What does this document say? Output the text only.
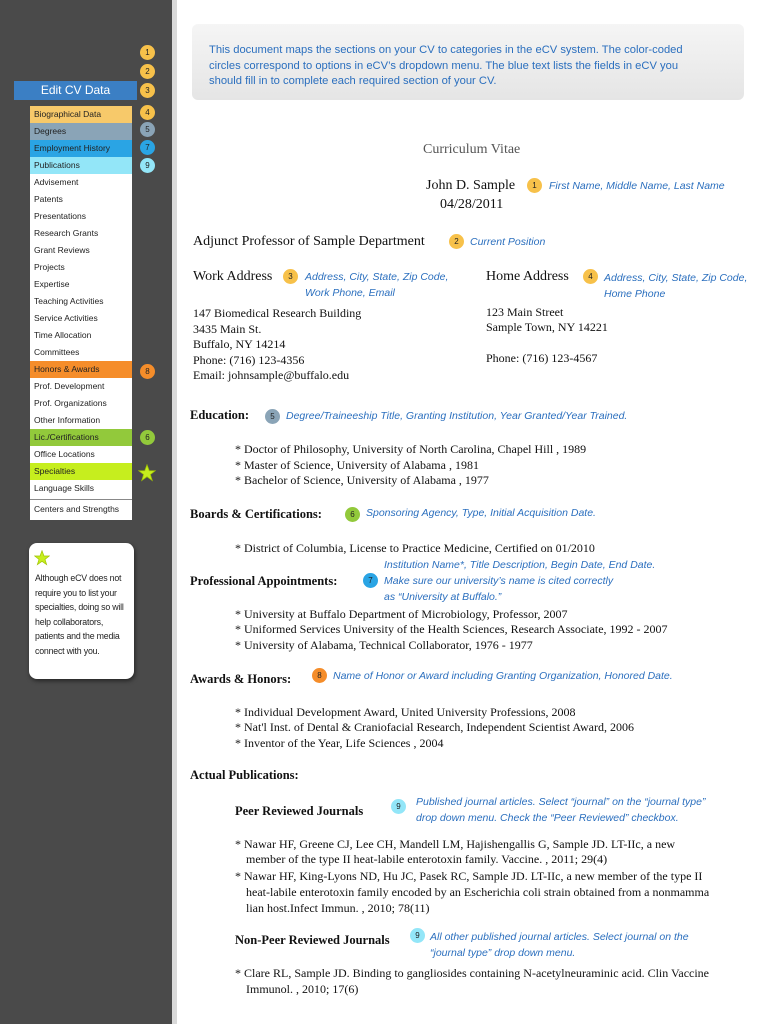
Edit CV Data
Biographical Data
Degrees
Employment History
Publications
Advisement
Patents
Presentations
Research Grants
Grant Reviews
Projects
Expertise
Teaching Activities
Service Activities
Time Allocation
Committees
Honors & Awards
Prof. Development
Prof. Organizations
Other Information
Lic./Certifications
Office Locations
Specialties
Language Skills
Centers and Strengths
1
2
3
4
5
7
9
8
6
Although eCV does not require you to list your specialties, doing so will help collaborators, patients and the media connect with you.
This document maps the sections on your CV to categories in the eCV system. The color-coded circles correspond to options in eCV’s dropdown menu. The blue text lists the fields in eCV you should fill in to complete each required section of your CV.
Curriculum Vitae
John D. Sample	1	First Name, Middle Name, Last Name
04/28/2011
Adjunct Professor of Sample Department	2	Current Position
Work Address	3	Address, City, State, Zip Code,
Work Phone, Email
147 Biomedical Research Building
3435 Main St.
Buffalo, NY 14214
Phone: (716) 123-4356
Email: johnsample@buffalo.edu
Home Address	4	Address, City, State, Zip Code,
Home Phone
123 Main Street
Sample Town, NY 14221
Phone: (716) 123-4567
Education:	5	Degree/Traineeship Title, Granting Institution, Year Granted/Year Trained.
* Doctor of Philosophy, University of North Carolina, Chapel Hill , 1989
* Master of Science, University of Alabama , 1981
* Bachelor of Science, University of Alabama , 1977
Boards & Certifications:	6	Sponsoring Agency, Type, Initial Acquisition Date.
* District of Columbia, License to Practice Medicine, Certified on 01/2010
Institution Name*, Title Description, Begin Date, End Date.
Professional Appointments:	7	Make sure our university’s name is cited correctly
as “University at Buffalo.”
* University at Buffalo Department of Microbiology, Professor, 2007
* Uniformed Services University of the Health Sciences, Research Associate, 1992 - 2007
* University of Alabama, Technical Collaborator, 1976 - 1977
Awards & Honors:	8	Name of Honor or Award including Granting Organization, Honored Date.
* Individual Development Award, United University Professions, 2008
* Nat'l Inst. of Dental & Craniofacial Research, Independent Scientist Award, 2006
* Inventor of the Year, Life Sciences , 2004
Actual Publications:
Peer Reviewed Journals	9	Published journal articles. Select “journal” on the “journal type”
drop down menu. Check the “Peer Reviewed” checkbox.
* Nawar HF, Greene CJ, Lee CH, Mandell LM, Hajishengallis G, Sample JD. LT-IIc, a new
member of the type II heat-labile enterotoxin family. Vaccine. , 2011; 29(4)
* Nawar HF, King-Lyons ND, Hu JC, Pasek RC, Sample JD. LT-IIc, a new member of the type II
heat-labile enterotoxin family encoded by an Escherichia coli strain obtained from a nonmamma
lian host.Infect Immun. , 2010; 78(11)
Non-Peer Reviewed Journals	9 All other published journal articles. Select journal on the
“journal type” drop down menu.
* Clare RL, Sample JD. Binding to gangliosides containing N-acetylneuraminic acid. Clin Vaccine
Immunol. , 2010; 17(6)
